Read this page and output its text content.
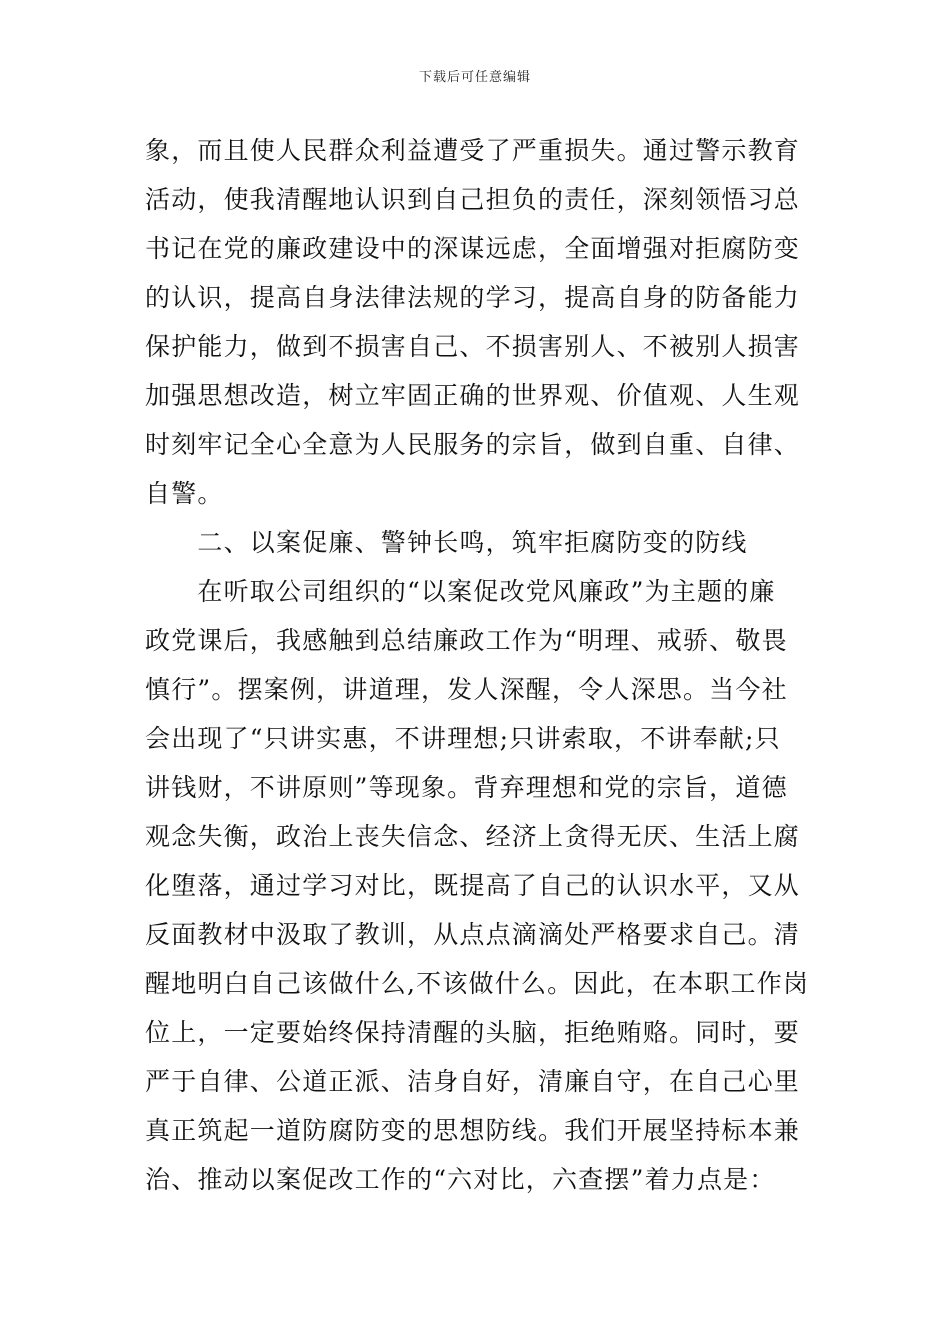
下载后可任意编辑
象，而且使人民群众利益遭受了严重损失。通过警示教育
活动，使我清醒地认识到自己担负的责任，深刻领悟习总
书记在党的廉政建设中的深谋远虑，全面增强对拒腐防变
的认识，提高自身法律法规的学习，提高自身的防备能力
保护能力，做到不损害自己、不损害别人、不被别人损害
加强思想改造，树立牢固正确的世界观、价值观、人生观
时刻牢记全心全意为人民服务的宗旨，做到自重、自律、
自警。
　　二、以案促廉、警钟长鸣，筑牢拒腐防变的防线
　　在听取公司组织的“以案促改党风廉政”为主题的廉
政党课后，我感触到总结廉政工作为“明理、戒骄、敬畏
慎行”。摆案例，讲道理，发人深醒，令人深思。当今社
会出现了“只讲实惠，不讲理想;只讲索取，不讲奉献;只
讲钱财，不讲原则”等现象。背弃理想和党的宗旨，道德
观念失衡，政治上丧失信念、经济上贪得无厌、生活上腐
化堕落，通过学习对比，既提高了自己的认识水平，又从
反面教材中汲取了教训，从点点滴滴处严格要求自己。清
醒地明白自己该做什么,不该做什么。因此，在本职工作岗
位上，一定要始终保持清醒的头脑，拒绝贿赂。同时，要
严于自律、公道正派、洁身自好，清廉自守，在自己心里
真正筑起一道防腐防变的思想防线。我们开展坚持标本兼
治、推动以案促改工作的“六对比，六查摆”着力点是：
